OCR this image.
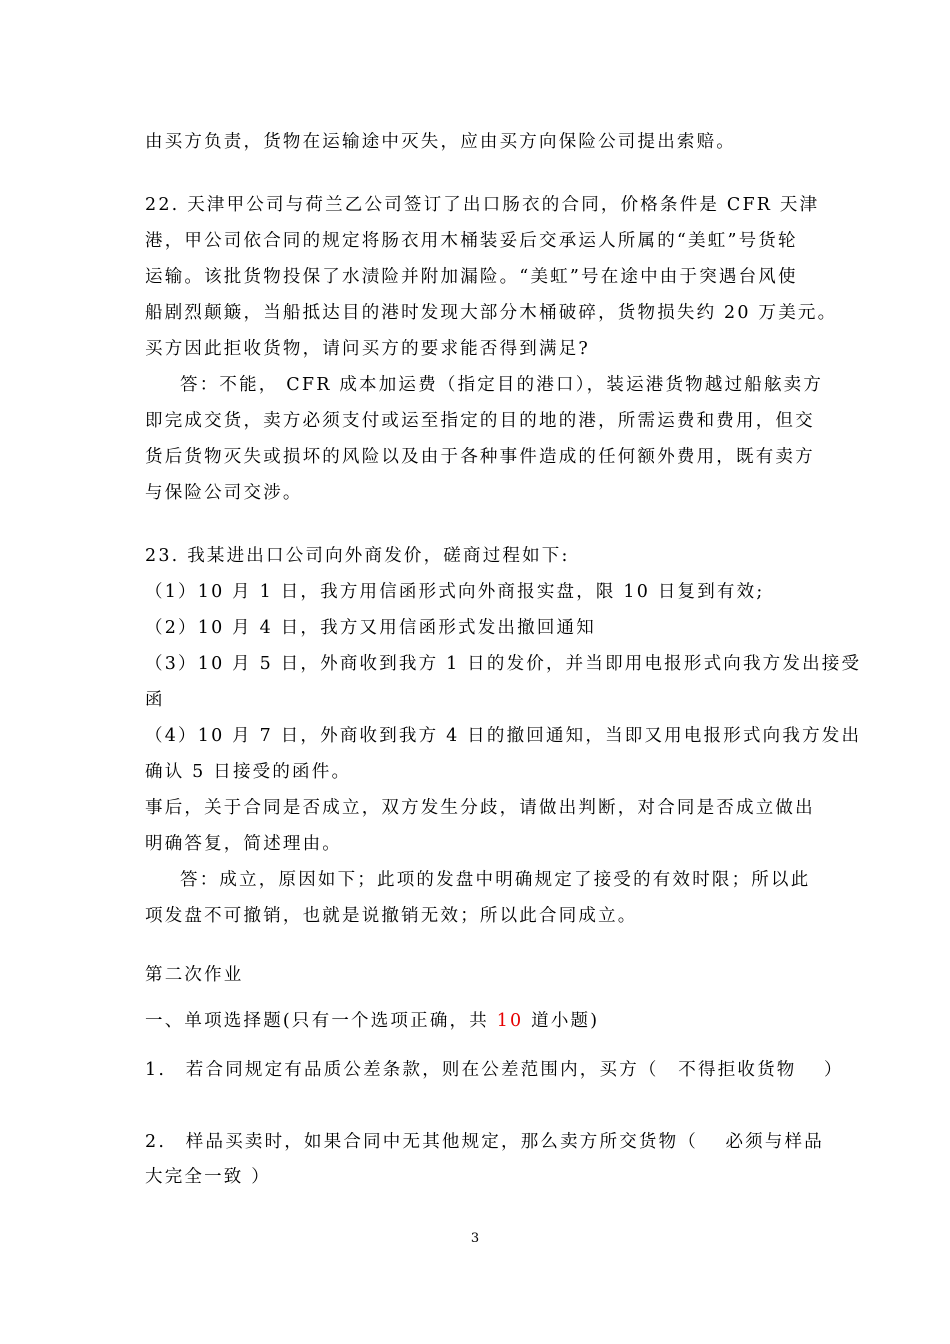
由买方负责，货物在运输途中灭失，应由买方向保险公司提出索赔。
22. 天津甲公司与荷兰乙公司签订了出口肠衣的合同，价格条件是 CFR 天津
港，甲公司依合同的规定将肠衣用木桶装妥后交承运人所属的“美虹”号货轮
运输。该批货物投保了水渍险并附加漏险。“美虹”号在途中由于突遇台风使
船剧烈颠簸，当船抵达目的港时发现大部分木桶破碎，货物损失约 20 万美元。
买方因此拒收货物，请问买方的要求能否得到满足?
答：不能， CFR 成本加运费（指定目的港口），装运港货物越过船舷卖方
即完成交货，卖方必须支付或运至指定的目的地的港，所需运费和费用，但交
货后货物灭失或损坏的风险以及由于各种事件造成的任何额外费用，既有卖方
与保险公司交涉。
23. 我某进出口公司向外商发价，磋商过程如下:
（1）10 月 1 日，我方用信函形式向外商报实盘，限 10 日复到有效;
（2）10 月 4 日，我方又用信函形式发出撤回通知
（3）10 月 5 日，外商收到我方 1 日的发价，并当即用电报形式向我方发出接受
函
（4）10 月 7 日，外商收到我方 4 日的撤回通知，当即又用电报形式向我方发出
确认 5 日接受的函件。
事后，关于合同是否成立，双方发生分歧，请做出判断，对合同是否成立做出
明确答复，简述理由。
答：成立，原因如下；此项的发盘中明确规定了接受的有效时限；所以此
项发盘不可撤销，也就是说撤销无效；所以此合同成立。
第二次作业
一、单项选择题(只有一个选项正确，共 10 道小题)
1.　若合同规定有品质公差条款，则在公差范围内，买方（　不得拒收货物　 ）
2.　样品买卖时，如果合同中无其他规定，那么卖方所交货物（　 必须与样品
大完全一致 ）
3
